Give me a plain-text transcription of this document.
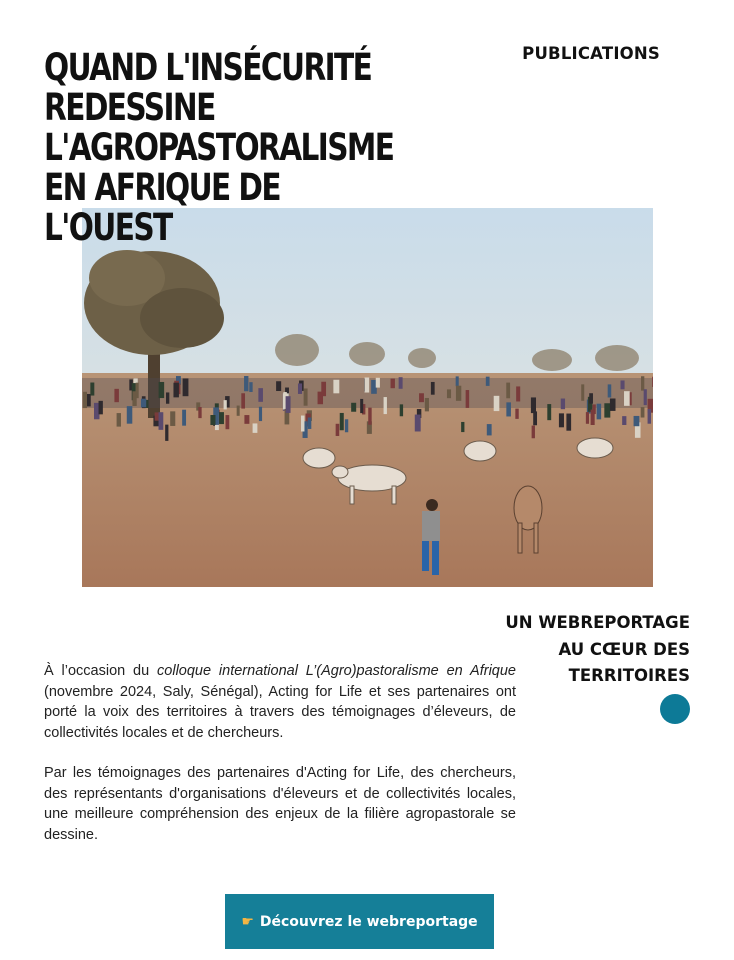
QUAND L'INSÉCURITÉ
REDESSINE
L'AGROPASTORALISME
EN AFRIQUE DE
L'OUEST
PUBLICATIONS
UN WEBREPORTAGE
AU CŒUR DES
TERRITOIRES

À l’occasion du colloque international L’(Agro)pastoralisme en Afrique (novembre 2024, Saly, Sénégal), Acting for Life et ses partenaires ont porté la voix des territoires à travers des témoignages d’éleveurs, de collectivités locales et de chercheurs.

Par les témoignages des partenaires d'Acting for Life, des chercheurs, des représentants d'organisations d'éleveurs et de collectivités locales, une meilleure compréhension des enjeux de la filière agropastorale se dessine.

☛ Découvrez le webreportage
